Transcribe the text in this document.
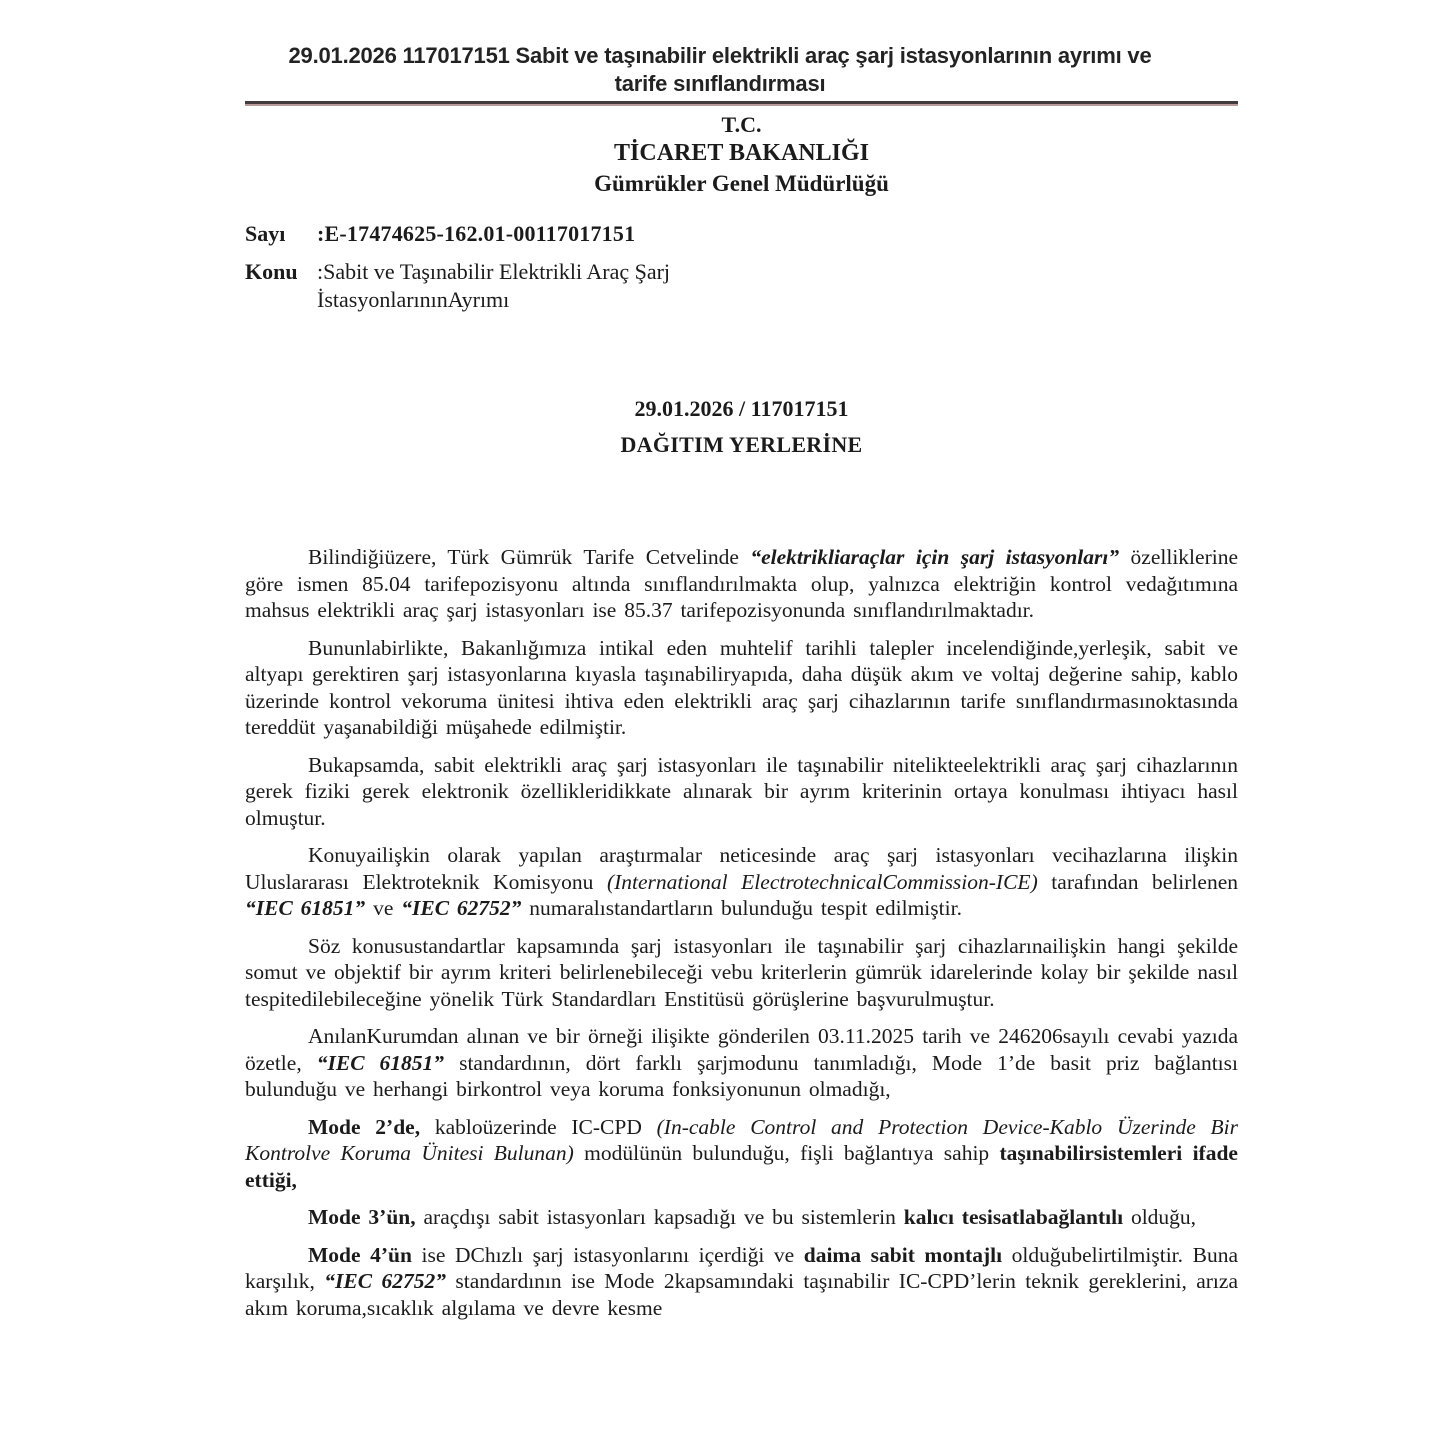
29.01.2026 117017151 Sabit ve taşınabilir elektrikli araç şarj istasyonlarının ayrımı ve tarife sınıflandırması
T.C.
TİCARET BAKANLIĞI
Gümrükler Genel Müdürlüğü
Sayı	:E-17474625-162.01-00117017151
Konu :Sabit ve Taşınabilir Elektrikli Araç Şarj İstasyonlarınınAyrımı
29.01.2026 / 117017151
DAĞITIM YERLERİNE

Bilindiğiüzere, Türk Gümrük Tarife Cetvelinde “elektrikliaraçlar için şarj istasyonları” özelliklerine göre ismen 85.04 tarifepozisyonu altında sınıflandırılmakta olup, yalnızca elektriğin kontrol vedağıtımına mahsus elektrikli araç şarj istasyonları ise 85.37 tarifepozisyonunda sınıflandırılmaktadır.

Bununlabirlikte, Bakanlığımıza intikal eden muhtelif tarihli talepler incelendiğinde,yerleşik, sabit ve altyapı gerektiren şarj istasyonlarına kıyasla taşınabiliryapıda, daha düşük akım ve voltaj değerine sahip, kablo üzerinde kontrol vekoruma ünitesi ihtiva eden elektrikli araç şarj cihazlarının tarife sınıflandırmasınoktasında tereddüt yaşanabildiği müşahede edilmiştir.

Bukapsamda, sabit elektrikli araç şarj istasyonları ile taşınabilir nitelikteelektrikli araç şarj cihazlarının gerek fiziki gerek elektronik özellikleridikkate alınarak bir ayrım kriterinin ortaya konulması ihtiyacı hasıl olmuştur.

Konuyailişkin olarak yapılan araştırmalar neticesinde araç şarj istasyonları vecihazlarına ilişkin Uluslararası Elektroteknik Komisyonu (International ElectrotechnicalCommission-ICE) tarafından belirlenen “IEC 61851” ve “IEC 62752” numaralıstandartların bulunduğu tespit edilmiştir.

Söz konusustandartlar kapsamında şarj istasyonları ile taşınabilir şarj cihazlarınailişkin hangi şekilde somut ve objektif bir ayrım kriteri belirlenebileceği vebu kriterlerin gümrük idarelerinde kolay bir şekilde nasıl tespitedilebileceğine yönelik Türk Standardları Enstitüsü görüşlerine başvurulmuştur.

AnılanKurumdan alınan ve bir örneği ilişikte gönderilen 03.11.2025 tarih ve 246206sayılı cevabi yazıda özetle, “IEC 61851” standardının, dört farklı şarjmodunu tanımladığı, Mode 1’de basit priz bağlantısı bulunduğu ve herhangi birkontrol veya koruma fonksiyonunun olmadığı,

Mode 2’de, kabloüzerinde IC-CPD (In-cable Control and Protection Device-Kablo Üzerinde Bir Kontrolve Koruma Ünitesi Bulunan) modülünün bulunduğu, fişli bağlantıya sahip taşınabilirsistemleri ifade ettiği,

Mode 3’ün, araçdışı sabit istasyonları kapsadığı ve bu sistemlerin kalıcı tesisatlabağlantılı olduğu,

Mode 4’ün ise DChızlı şarj istasyonlarını içerdiği ve daima sabit montajlı olduğubelirtilmiştir. Buna karşılık, “IEC 62752” standardının ise Mode 2kapsamındaki taşınabilir IC-CPD’lerin teknik gereklerini, arıza akım koruma,sıcaklık algılama ve devre kesme
